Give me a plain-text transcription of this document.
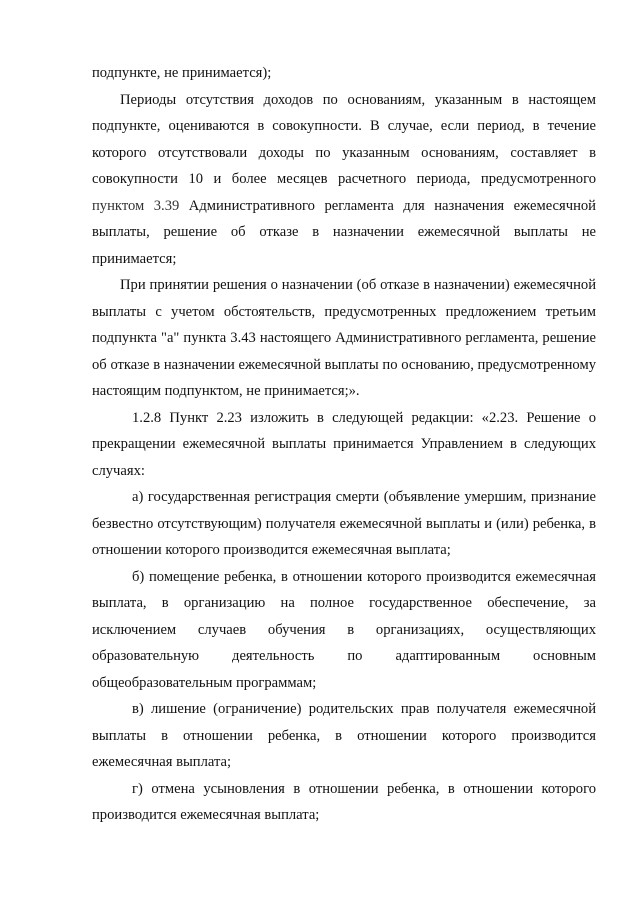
подпункте, не принимается);

Периоды отсутствия доходов по основаниям, указанным в настоящем подпункте, оцениваются в совокупности. В случае, если период, в течение которого отсутствовали доходы по указанным основаниям, составляет в совокупности 10 и более месяцев расчетного периода, предусмотренного пунктом 3.39 Административного регламента для назначения ежемесячной выплаты, решение об отказе в назначении ежемесячной выплаты не принимается;

При принятии решения о назначении (об отказе в назначении) ежемесячной выплаты с учетом обстоятельств, предусмотренных предложением третьим подпункта "а" пункта 3.43 настоящего Административного регламента, решение об отказе в назначении ежемесячной выплаты по основанию, предусмотренному настоящим подпунктом, не принимается;».

1.2.8 Пункт 2.23 изложить в следующей редакции: «2.23. Решение о прекращении ежемесячной выплаты принимается Управлением в следующих случаях:

а) государственная регистрация смерти (объявление умершим, признание безвестно отсутствующим) получателя ежемесячной выплаты и (или) ребенка, в отношении которого производится ежемесячная выплата;

б) помещение ребенка, в отношении которого производится ежемесячная выплата, в организацию на полное государственное обеспечение, за исключением случаев обучения в организациях, осуществляющих образовательную деятельность по адаптированным основным общеобразовательным программам;

в) лишение (ограничение) родительских прав получателя ежемесячной выплаты в отношении ребенка, в отношении которого производится ежемесячная выплата;

г) отмена усыновления в отношении ребенка, в отношении которого производится ежемесячная выплата;
